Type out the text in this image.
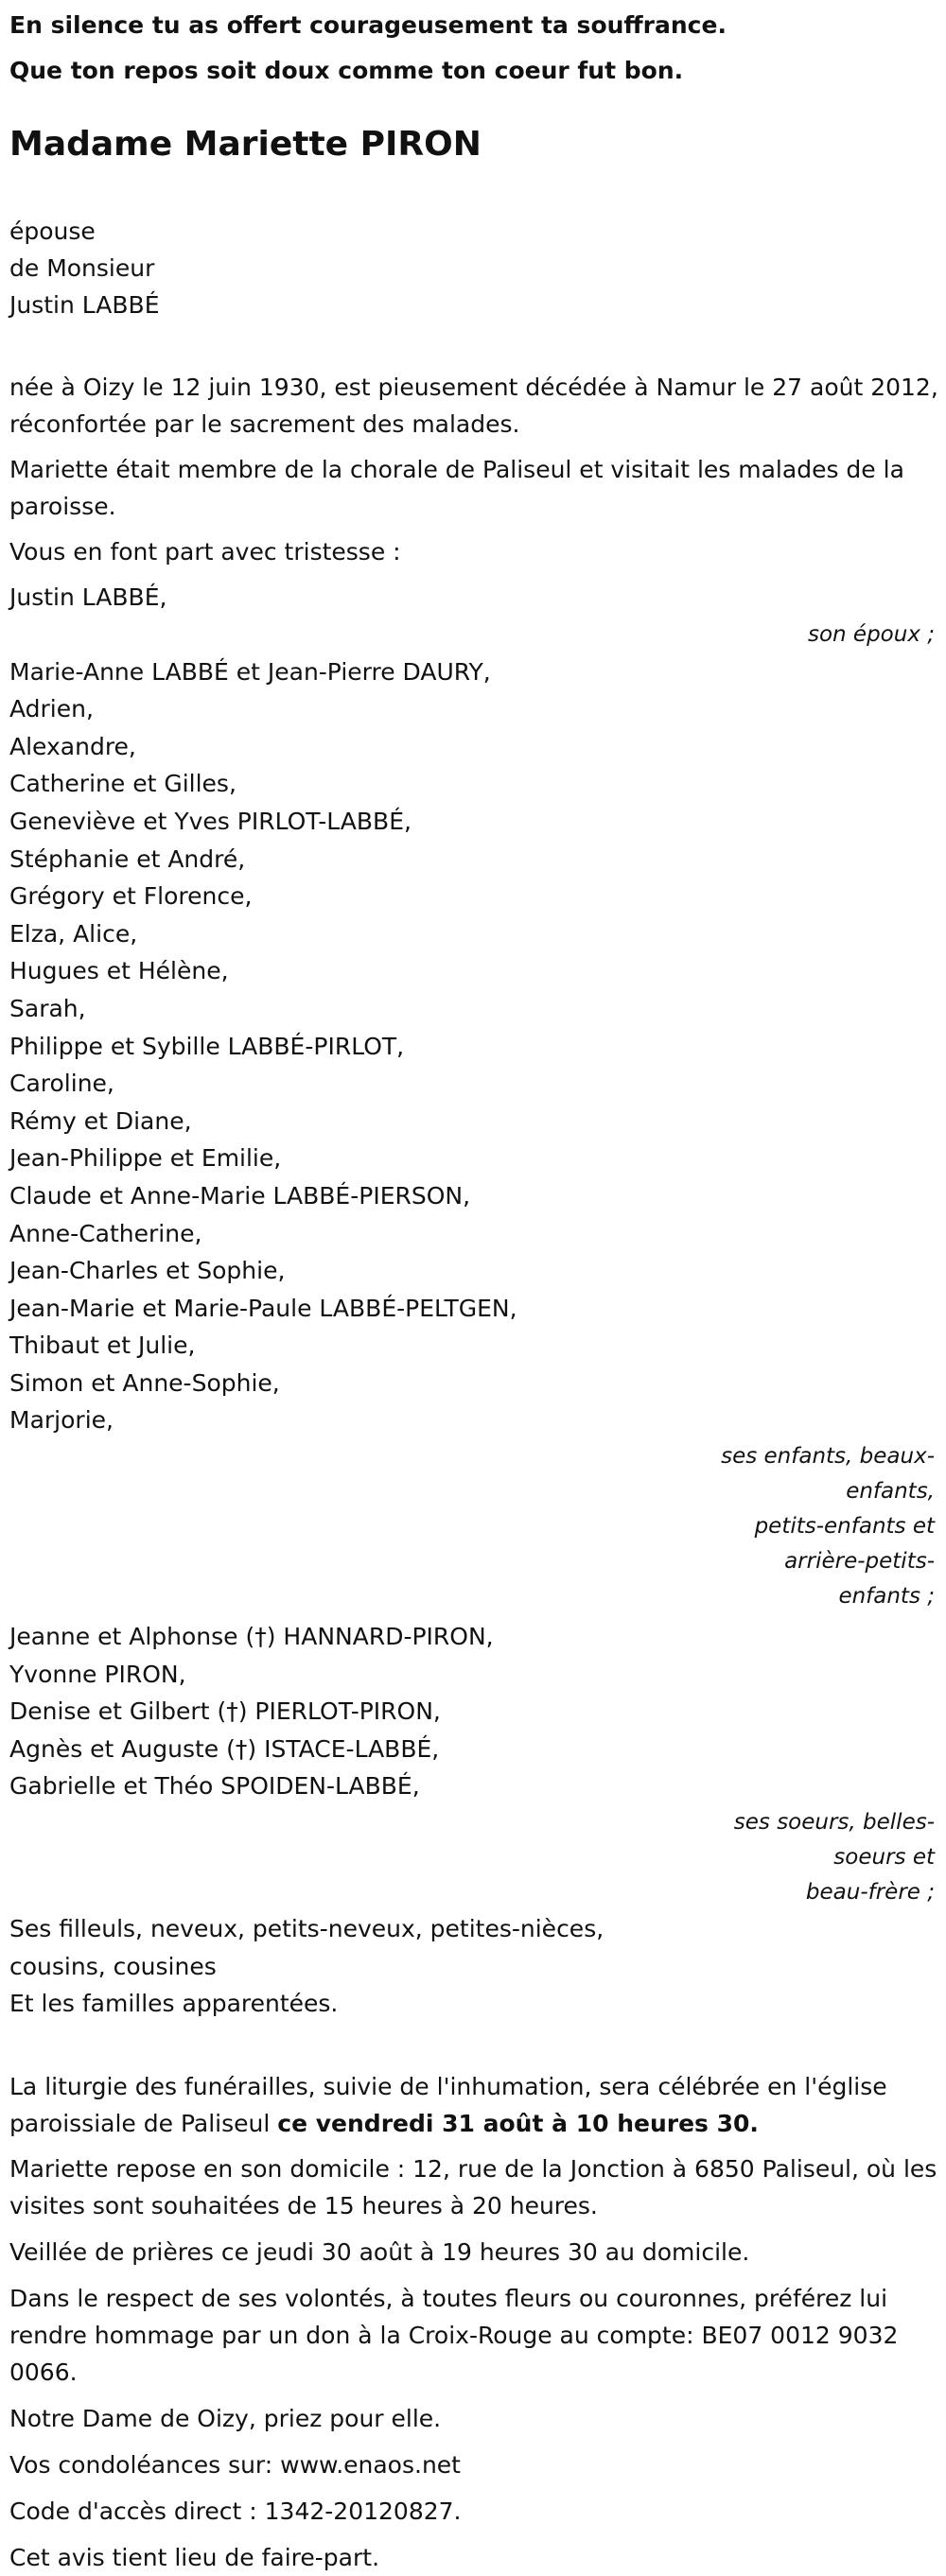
En silence tu as offert courageusement ta souffrance.

Que ton repos soit doux comme ton coeur fut bon.

Madame Mariette PIRON
épouse
de Monsieur
Justin LABBÉ

née à Oizy le 12 juin 1930, est pieusement décédée à Namur le 27 août 2012, réconfortée par le sacrement des malades.

Mariette était membre de la chorale de Paliseul et visitait les malades de la paroisse.

Vous en font part avec tristesse :

Justin LABBÉ,
son époux ;
Marie-Anne LABBÉ et Jean-Pierre DAURY,
Adrien,
Alexandre,
Catherine et Gilles,
Geneviève et Yves PIRLOT-LABBÉ,
Stéphanie et André,
Grégory et Florence,
Elza, Alice,
Hugues et Hélène,
Sarah,
Philippe et Sybille LABBÉ-PIRLOT,
Caroline,
Rémy et Diane,
Jean-Philippe et Emilie,
Claude et Anne-Marie LABBÉ-PIERSON,
Anne-Catherine,
Jean-Charles et Sophie,
Jean-Marie et Marie-Paule LABBÉ-PELTGEN,
Thibaut et Julie,
Simon et Anne-Sophie,
Marjorie,
ses enfants, beaux-
enfants,
petits-enfants et
arrière-petits-
enfants ;
Jeanne et Alphonse (†) HANNARD-PIRON,
Yvonne PIRON,
Denise et Gilbert (†) PIERLOT-PIRON,
Agnès et Auguste (†) ISTACE-LABBÉ,
Gabrielle et Théo SPOIDEN-LABBÉ,
ses soeurs, belles-
soeurs et
beau-frère ;
Ses filleuls, neveux, petits-neveux, petites-nièces,
cousins, cousines
Et les familles apparentées.

La liturgie des funérailles, suivie de l'inhumation, sera célébrée en l'église paroissiale de Paliseul ce vendredi 31 août à 10 heures 30.

Mariette repose en son domicile : 12, rue de la Jonction à 6850 Paliseul, où les visites sont souhaitées de 15 heures à 20 heures.

Veillée de prières ce jeudi 30 août à 19 heures 30 au domicile.

Dans le respect de ses volontés, à toutes fleurs ou couronnes, préférez lui rendre hommage par un don à la Croix-Rouge au compte: BE07 0012 9032 0066.

Notre Dame de Oizy, priez pour elle.

Vos condoléances sur: www.enaos.net

Code d'accès direct : 1342-20120827.

Cet avis tient lieu de faire-part.
